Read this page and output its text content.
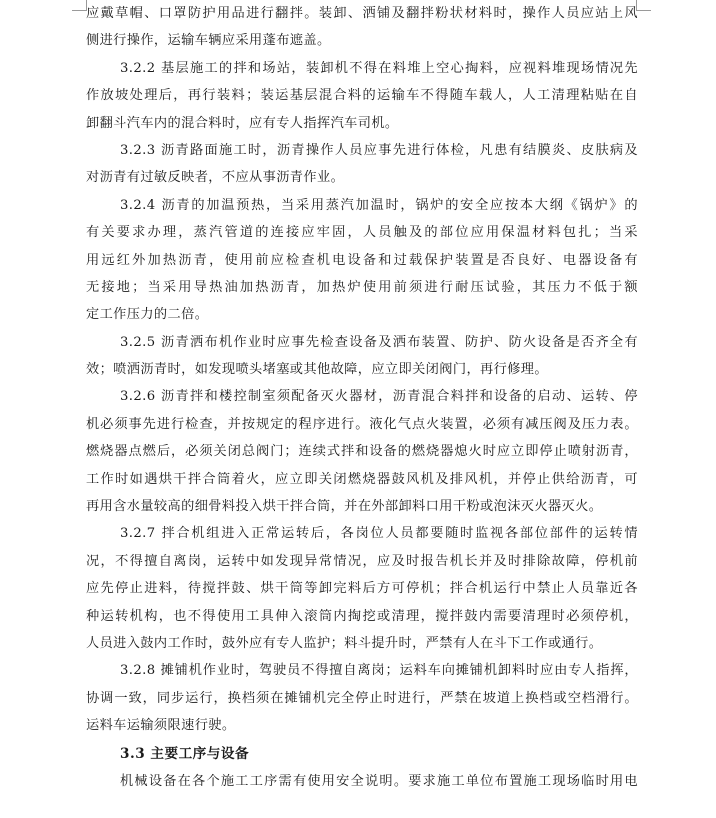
应戴草帽、口罩防护用品进行翻拌。装卸、洒铺及翻拌粉状材料时，操作人员应站上风
侧进行操作，运输车辆应采用蓬布遮盖。
3.2.2 基层施工的拌和场站，装卸机不得在料堆上空心掏料，应视料堆现场情况先
作放坡处理后，再行装料；装运基层混合料的运输车不得随车载人，人工清理粘贴在自
卸翻斗汽车内的混合料时，应有专人指挥汽车司机。
3.2.3 沥青路面施工时，沥青操作人员应事先进行体检，凡患有结膜炎、皮肤病及
对沥青有过敏反映者，不应从事沥青作业。
3.2.4 沥青的加温预热，当采用蒸汽加温时，锅炉的安全应按本大纲《锅炉》的
有关要求办理，蒸汽管道的连接应牢固，人员触及的部位应用保温材料包扎；当采
用远红外加热沥青，使用前应检查机电设备和过载保护装置是否良好、电器设备有
无接地；当采用导热油加热沥青，加热炉使用前须进行耐压试验，其压力不低于额
定工作压力的二倍。
3.2.5 沥青洒布机作业时应事先检查设备及洒布装置、防护、防火设备是否齐全有
效；喷洒沥青时，如发现喷头堵塞或其他故障，应立即关闭阀门，再行修理。
3.2.6 沥青拌和楼控制室须配备灭火器材，沥青混合料拌和设备的启动、运转、停
机必须事先进行检查，并按规定的程序进行。液化气点火装置，必须有减压阀及压力表。
燃烧器点燃后，必须关闭总阀门；连续式拌和设备的燃烧器熄火时应立即停止喷射沥青，
工作时如遇烘干拌合筒着火，应立即关闭燃烧器鼓风机及排风机，并停止供给沥青，可
再用含水量较高的细骨料投入烘干拌合筒，并在外部卸料口用干粉或泡沫灭火器灭火。
3.2.7 拌合机组进入正常运转后，各岗位人员都要随时监视各部位部件的运转情
况，不得擅自离岗，运转中如发现异常情况，应及时报告机长并及时排除故障，停机前
应先停止进料，待搅拌鼓、烘干筒等卸完料后方可停机；拌合机运行中禁止人员靠近各
种运转机构，也不得使用工具伸入滚筒内掏挖或清理，搅拌鼓内需要清理时必须停机，
人员进入鼓内工作时，鼓外应有专人监护；料斗提升时，严禁有人在斗下工作或通行。
3.2.8 摊铺机作业时，驾驶员不得擅自离岗；运料车向摊铺机卸料时应由专人指挥，
协调一致，同步运行，换档须在摊铺机完全停止时进行，严禁在坡道上换档或空档滑行。
运料车运输须限速行驶。
3.3 主要工序与设备
机械设备在各个施工工序需有使用安全说明。要求施工单位布置施工现场临时用电
